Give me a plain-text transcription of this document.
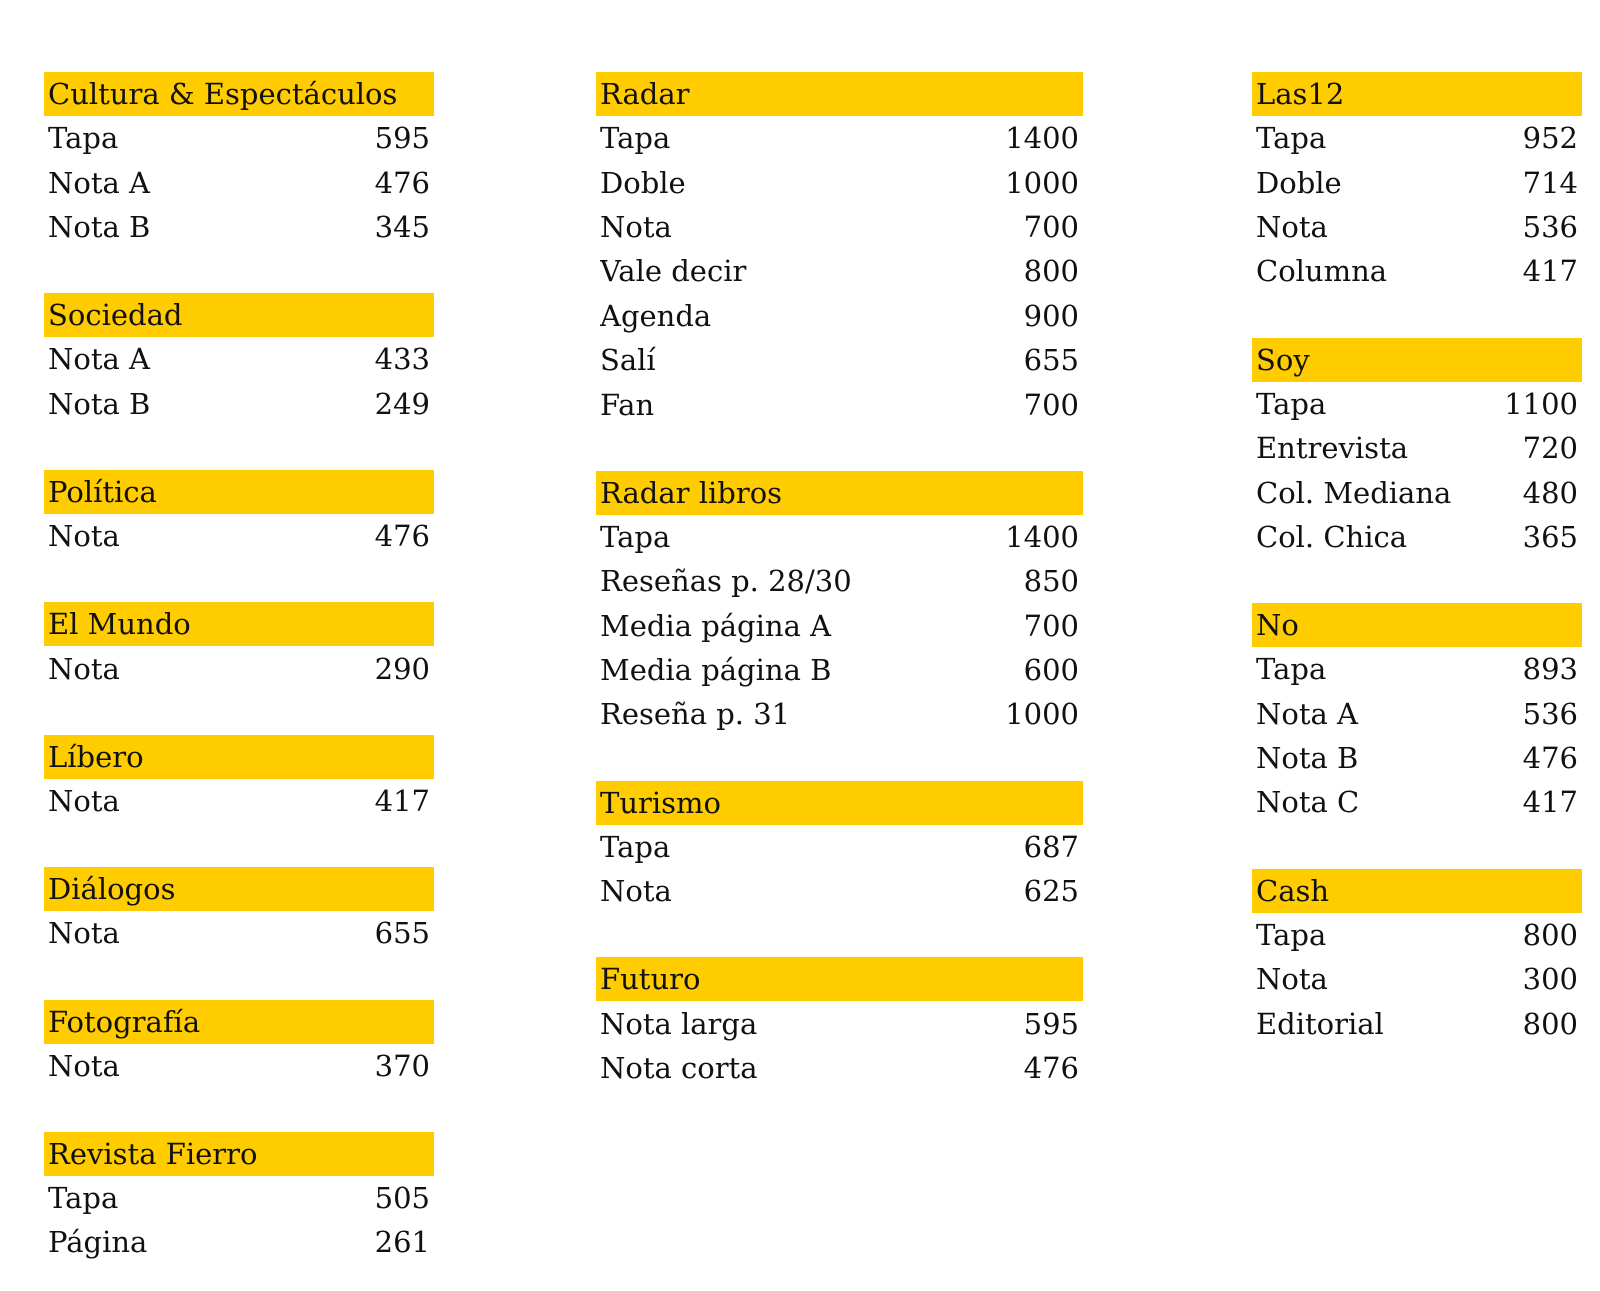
Cultura & Espectáculos
Tapa	595
Nota A	476
Nota B	345
Sociedad
Nota A	433
Nota B	249
Política
Nota	476
El Mundo
Nota	290
Líbero
Nota	417
Diálogos
Nota	655
Fotografía
Nota	370
Revista Fierro
Tapa	505
Página	261
Radar
Tapa	1400
Doble	1000
Nota	700
Vale decir	800
Agenda	900
Salí	655
Fan	700
Radar libros
Tapa	1400
Reseñas p. 28/30	850
Media página A	700
Media página B	600
Reseña p. 31	1000
Turismo
Tapa	687
Nota	625
Futuro
Nota larga	595
Nota corta	476
Las12
Tapa	952
Doble	714
Nota	536
Columna	417
Soy
Tapa	1100
Entrevista	720
Col. Mediana	480
Col. Chica	365
No
Tapa	893
Nota A	536
Nota B	476
Nota C	417
Cash
Tapa	800
Nota	300
Editorial	800
